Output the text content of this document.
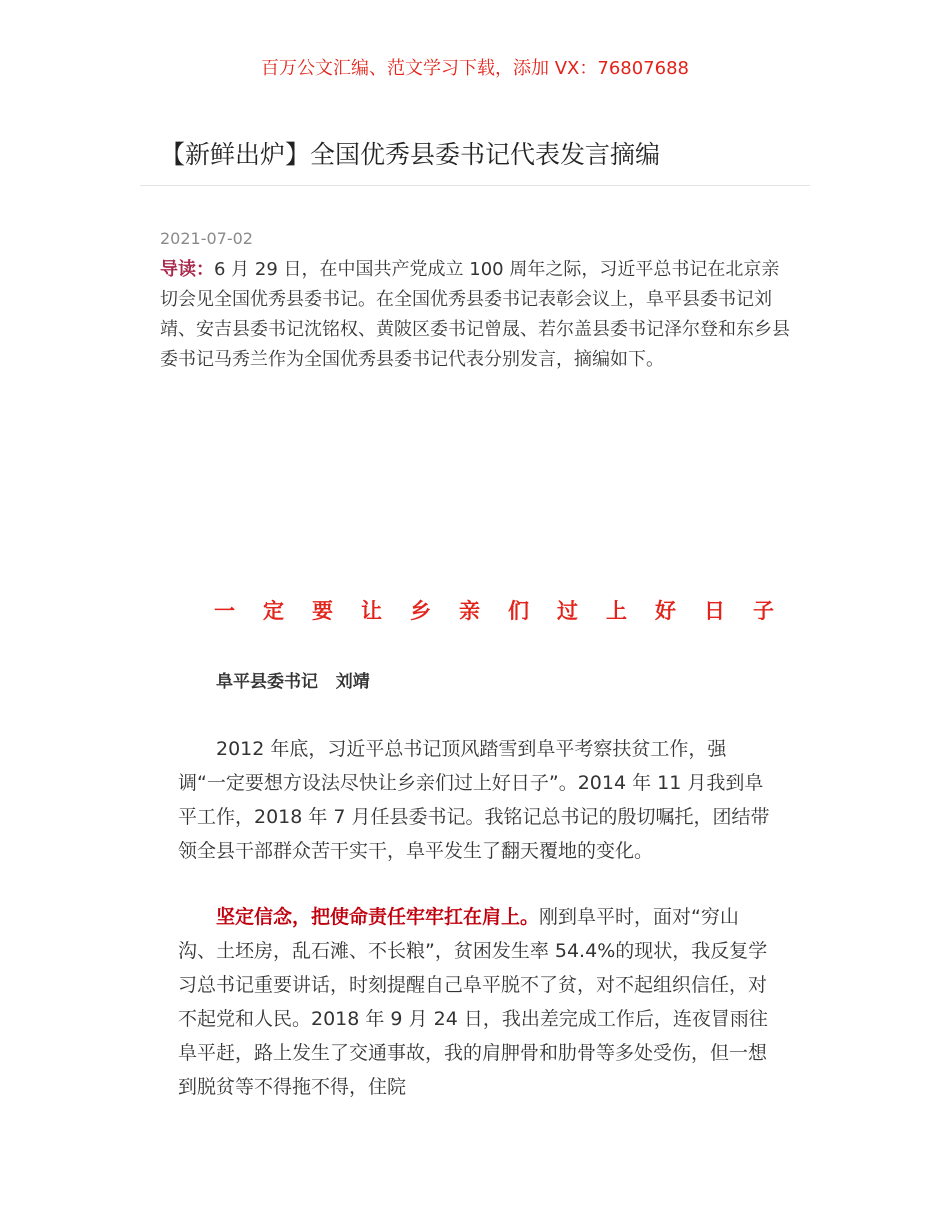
百万公文汇编、范文学习下载，添加 VX：76807688
【新鲜出炉】全国优秀县委书记代表发言摘编
2021-07-02
导读：6 月 29 日，在中国共产党成立 100 周年之际，习近平总书记在北京亲切会见全国优秀县委书记。在全国优秀县委书记表彰会议上，阜平县委书记刘靖、安吉县委书记沈铭权、黄陂区委书记曾晟、若尔盖县委书记泽尔登和东乡县委书记马秀兰作为全国优秀县委书记代表分别发言，摘编如下。
一 定 要 让 乡 亲 们 过 上 好 日 子
阜平县委书记   刘靖

2012 年底，习近平总书记顶风踏雪到阜平考察扶贫工作，强调“一定要想方设法尽快让乡亲们过上好日子”。2014 年 11 月我到阜平工作，2018 年 7 月任县委书记。我铭记总书记的殷切嘱托，团结带领全县干部群众苦干实干，阜平发生了翻天覆地的变化。

坚定信念，把使命责任牢牢扛在肩上。刚到阜平时，面对“穷山沟、土坯房，乱石滩、不长粮”，贫困发生率 54.4%的现状，我反复学习总书记重要讲话，时刻提醒自己阜平脱不了贫，对不起组织信任，对不起党和人民。2018 年 9 月 24 日，我出差完成工作后，连夜冒雨往阜平赶，路上发生了交通事故，我的肩胛骨和肋骨等多处受伤，但一想到脱贫等不得拖不得，住院
